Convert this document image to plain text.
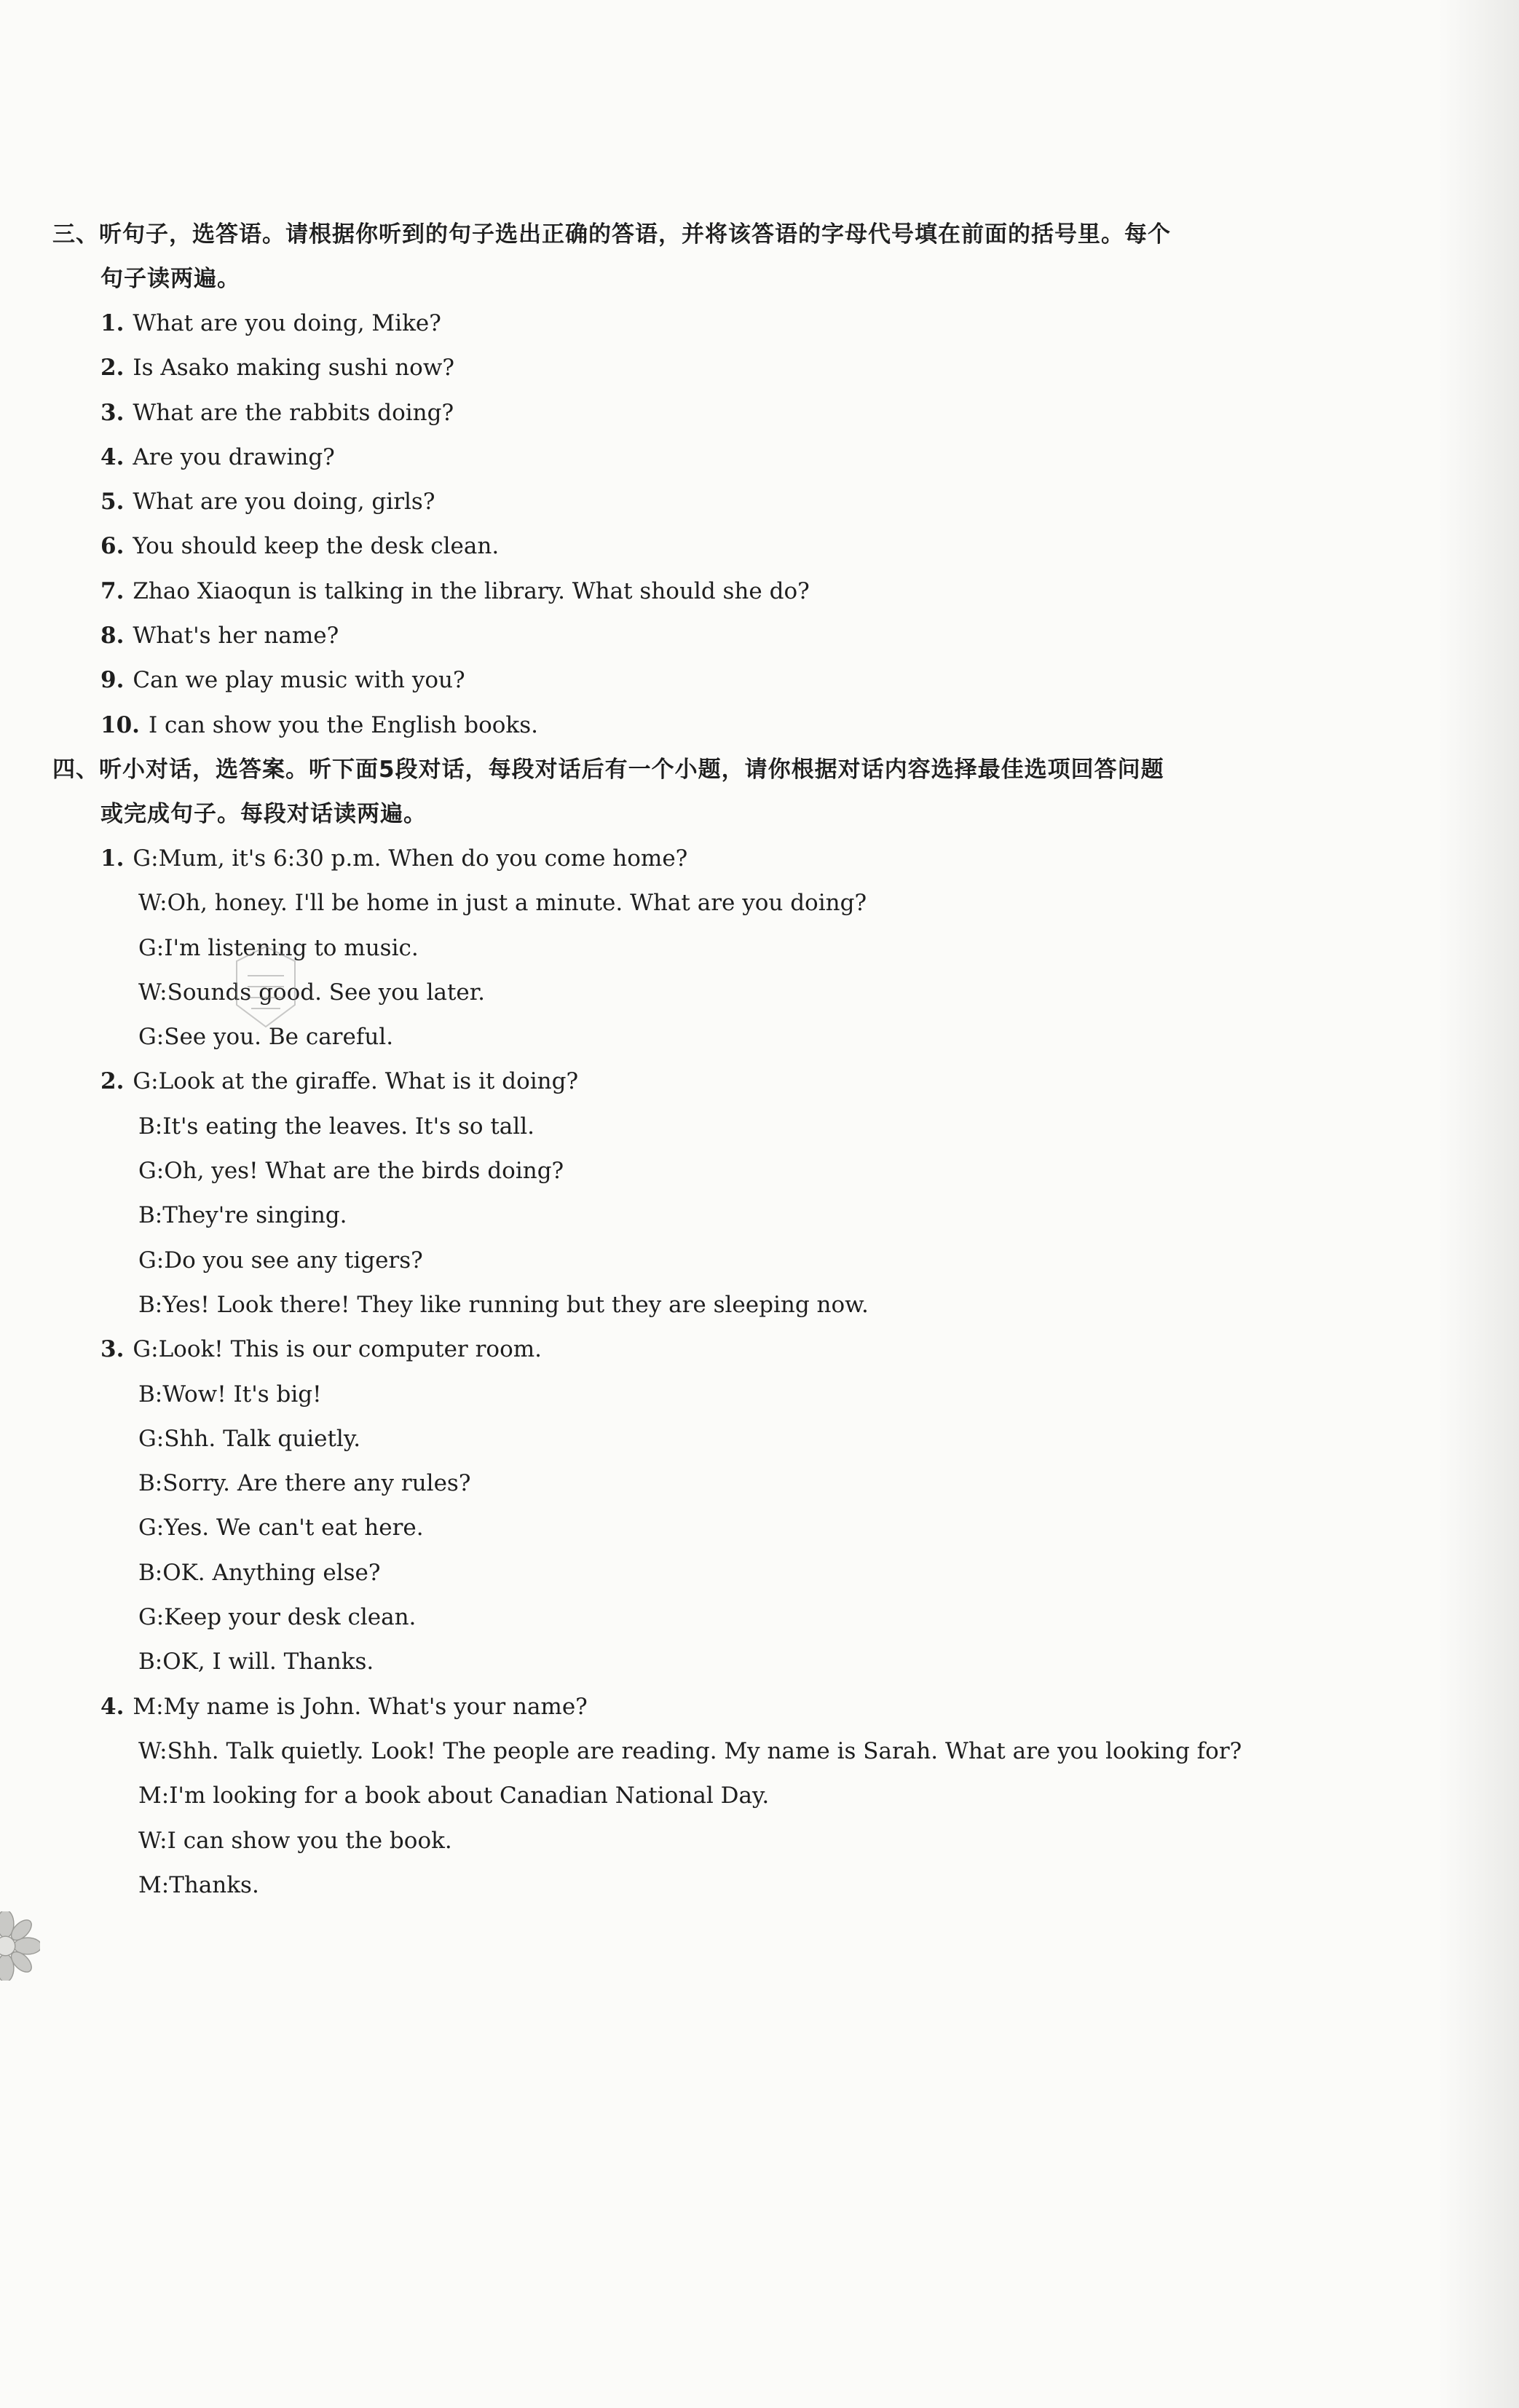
三、听句子，选答语。请根据你听到的句子选出正确的答语，并将该答语的字母代号填在前面的括号里。每个
句子读两遍。
1. What are you doing, Mike?
2. Is Asako making sushi now?
3. What are the rabbits doing?
4. Are you drawing?
5. What are you doing, girls?
6. You should keep the desk clean.
7. Zhao Xiaoqun is talking in the library. What should she do?
8. What's her name?
9. Can we play music with you?
10. I can show you the English books.
四、听小对话，选答案。听下面5段对话，每段对话后有一个小题，请你根据对话内容选择最佳选项回答问题
或完成句子。每段对话读两遍。
1. G:Mum, it's 6:30 p.m. When do you come home?
W:Oh, honey. I'll be home in just a minute. What are you doing?
G:I'm listening to music.
W:Sounds good. See you later.
G:See you. Be careful.
2. G:Look at the giraffe. What is it doing?
B:It's eating the leaves. It's so tall.
G:Oh, yes! What are the birds doing?
B:They're singing.
G:Do you see any tigers?
B:Yes! Look there! They like running but they are sleeping now.
3. G:Look! This is our computer room.
B:Wow! It's big!
G:Shh. Talk quietly.
B:Sorry. Are there any rules?
G:Yes. We can't eat here.
B:OK. Anything else?
G:Keep your desk clean.
B:OK, I will. Thanks.
4. M:My name is John. What's your name?
W:Shh. Talk quietly. Look! The people are reading. My name is Sarah. What are you looking for?
M:I'm looking for a book about Canadian National Day.
W:I can show you the book.
M:Thanks.
